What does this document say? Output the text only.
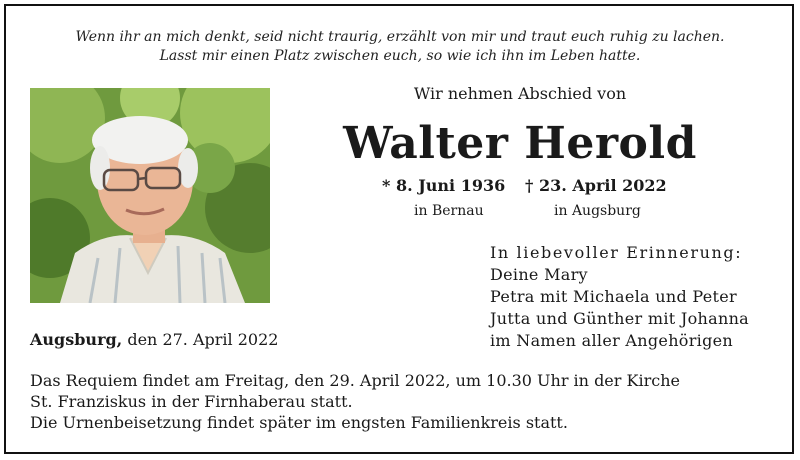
Wenn ihr an mich denkt, seid nicht traurig, erzählt von mir und traut euch ruhig zu lachen.
Lasst mir einen Platz zwischen euch, so wie ich ihn im Leben hatte.
Wir nehmen Abschied von
Walter Herold
* 8. Juni 1936 † 23. April 2022
in Bernau	in Augsburg
In liebevoller Erinnerung:
Deine Mary
Petra mit Michaela und Peter
Jutta und Günther mit Johanna
im Namen aller Angehörigen
Augsburg, den 27. April 2022
Das Requiem findet am Freitag, den 29. April 2022, um 10.30 Uhr in der Kirche
St. Franziskus in der Firnhaberau statt.
Die Urnenbeisetzung findet später im engsten Familienkreis statt.
